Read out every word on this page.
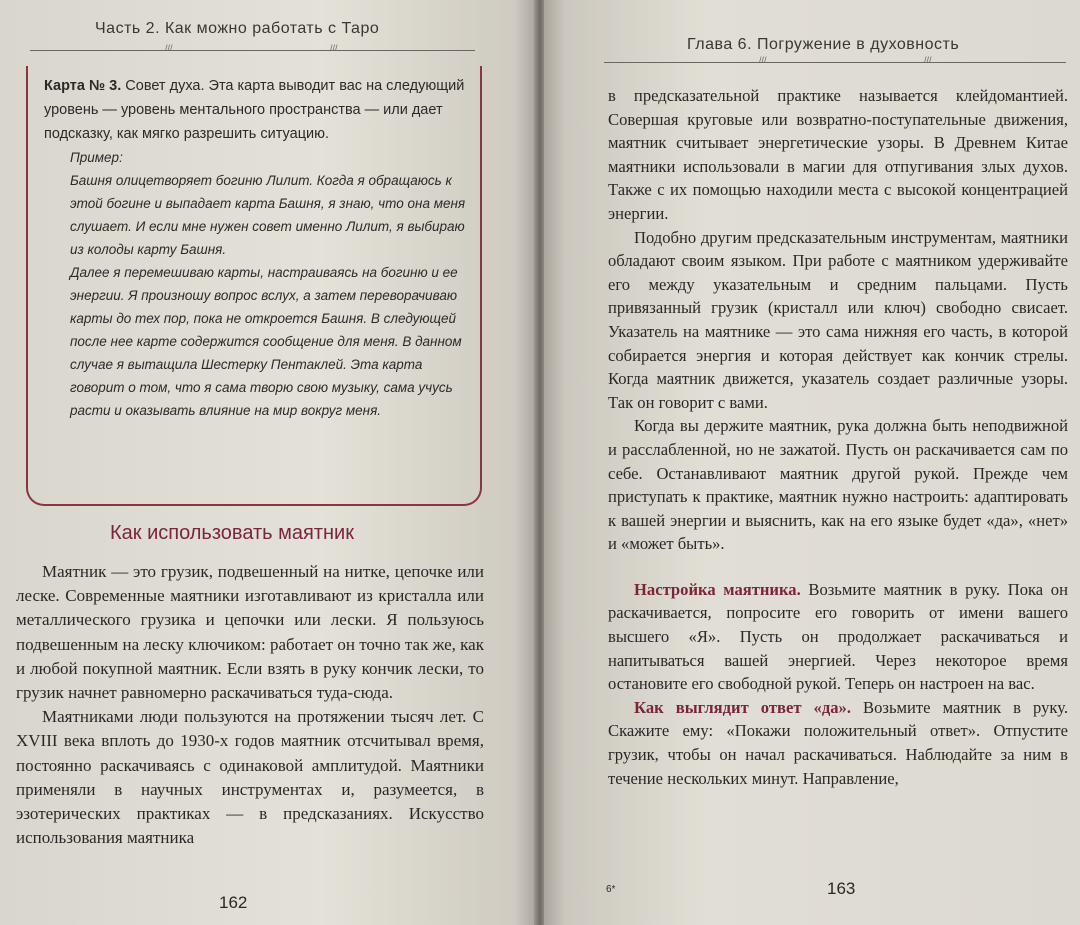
Часть 2. Как можно работать с Таро
///	///
Карта № 3. Совет духа. Эта карта выводит вас на следующий уровень — уровень ментального пространства — или дает подсказку, как мягко разрешить ситуацию.
Пример:
Башня олицетворяет богиню Лилит. Когда я обращаюсь к этой богине и выпадает карта Башня, я знаю, что она меня слушает. И если мне нужен совет именно Лилит, я выбираю из колоды карту Башня.
Далее я перемешиваю карты, настраиваясь на богиню и ее энергии. Я произношу вопрос вслух, а затем переворачиваю карты до тех пор, пока не откроется Башня. В следующей после нее карте содержится сообщение для меня. В данном случае я вытащила Шестерку Пентаклей. Эта карта говорит о том, что я сама творю свою музыку, сама учусь расти и оказывать влияние на мир вокруг меня.
Как использовать маятник

Маятник — это грузик, подвешенный на нитке, цепочке или леске. Современные маятники изготавливают из кристалла или металлического грузика и цепочки или лески. Я пользуюсь подвешенным на леску ключиком: работает он точно так же, как и любой покупной маятник. Если взять в руку кончик лески, то грузик начнет равномерно раскачиваться туда-сюда.

Маятниками люди пользуются на протяжении тысяч лет. С XVIII века вплоть до 1930-х годов маятник отсчитывал время, постоянно раскачиваясь с одинаковой амплитудой. Маятники применяли в научных инструментах и, разумеется, в эзотерических практиках — в предсказаниях. Искусство использования маятника

162
Глава 6. Погружение в духовность
///	///

в предсказательной практике называется клейдомантией. Совершая круговые или возвратно-поступательные движения, маятник считывает энергетические узоры. В Древнем Китае маятники использовали в магии для отпугивания злых духов. Также с их помощью находили места с высокой концентрацией энергии.

Подобно другим предсказательным инструментам, маятники обладают своим языком. При работе с маятником удерживайте его между указательным и средним пальцами. Пусть привязанный грузик (кристалл или ключ) свободно свисает. Указатель на маятнике — это сама нижняя его часть, в которой собирается энергия и которая действует как кончик стрелы. Когда маятник движется, указатель создает различные узоры. Так он говорит с вами.

Когда вы держите маятник, рука должна быть неподвижной и расслабленной, но не зажатой. Пусть он раскачивается сам по себе. Останавливают маятник другой рукой. Прежде чем приступать к практике, маятник нужно настроить: адаптировать к вашей энергии и выяснить, как на его языке будет «да», «нет» и «может быть».

Настройка маятника. Возьмите маятник в руку. Пока он раскачивается, попросите его говорить от имени вашего высшего «Я». Пусть он продолжает раскачиваться и напитываться вашей энергией. Через некоторое время остановите его свободной рукой. Теперь он настроен на вас.

Как выглядит ответ «да». Возьмите маятник в руку. Скажите ему: «Покажи положительный ответ». Отпустите грузик, чтобы он начал раскачиваться. Наблюдайте за ним в течение нескольких минут. Направление,

6*	163
